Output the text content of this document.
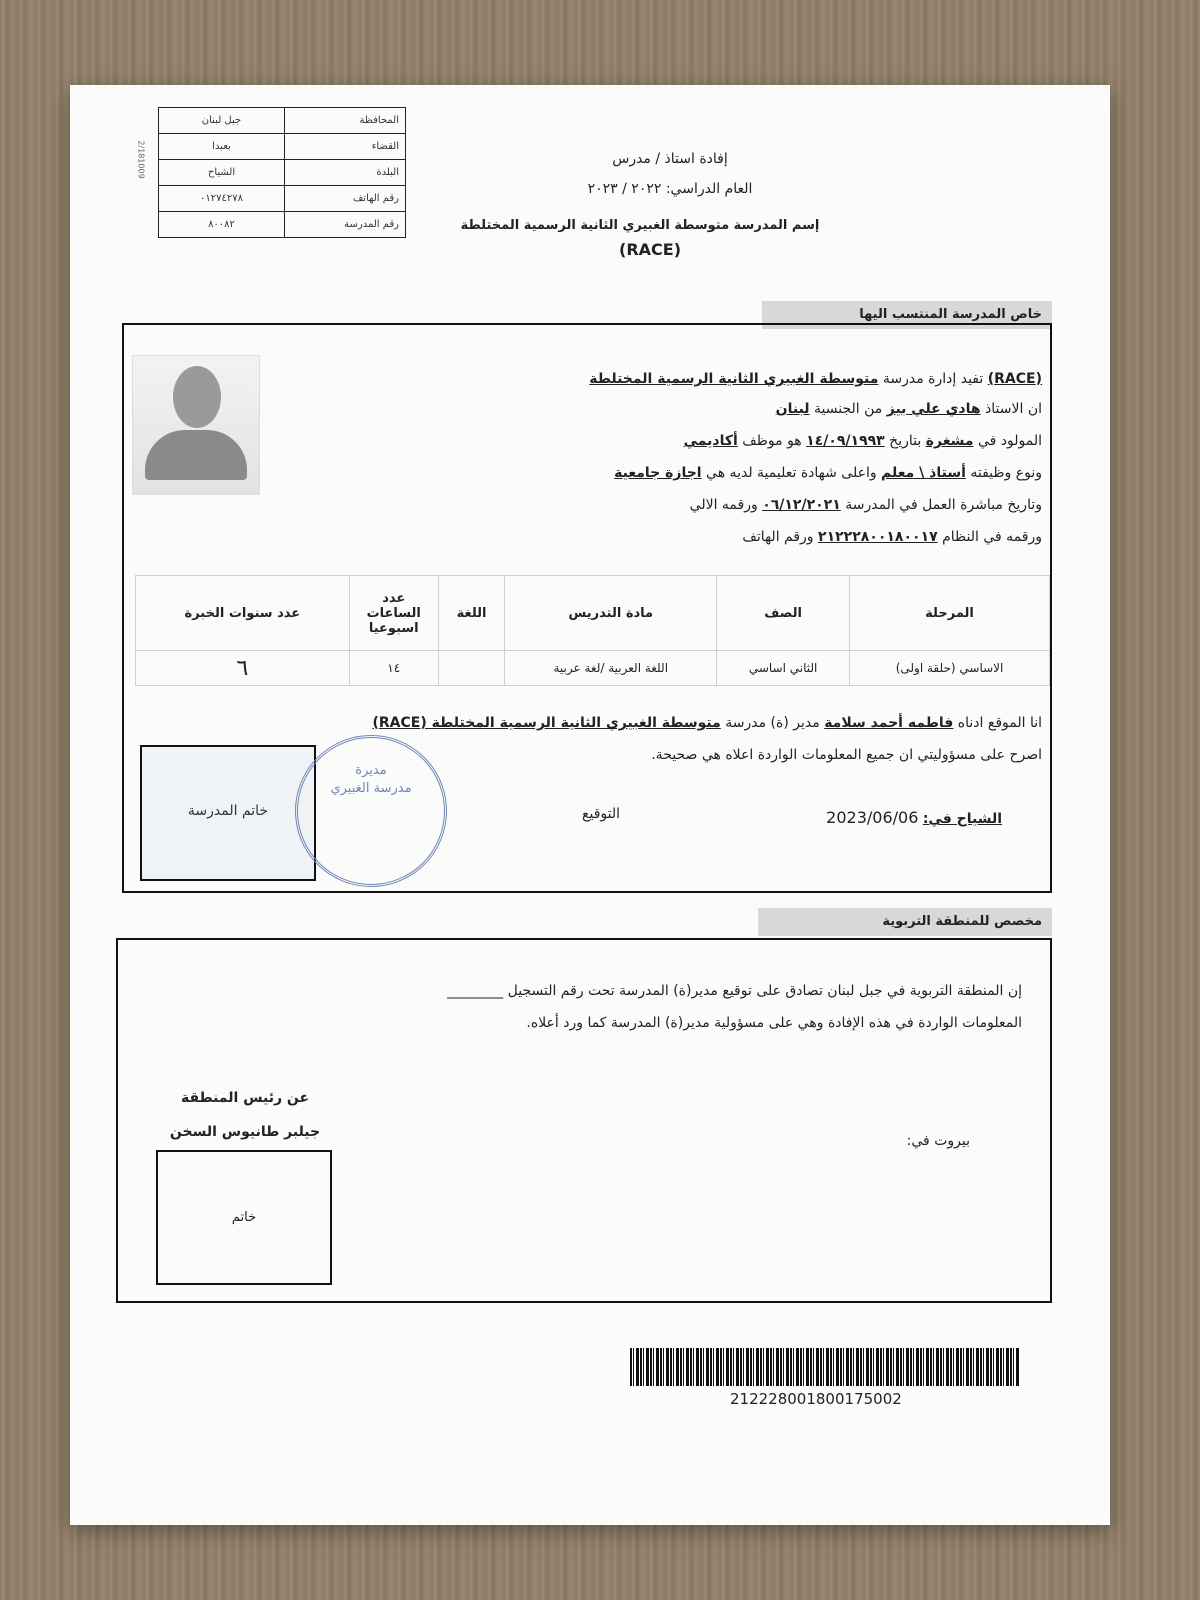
المحافظة	جبل لبنان
القضاء	بعبدا
البلدة	الشياح
رقم الهاتف	٠١٢٧٤٢٧٨
رقم المدرسة	٨٠٠٨٢
2/181009	إفادة استاذ / مدرس
العام الدراسي: ٢٠٢٢ / ٢٠٢٣
إسم المدرسة متوسطة الغبيري الثانية الرسمية المختلطة
(RACE)
خاص المدرسة المنتسب اليها
(RACE) تفيد إدارة مدرسة متوسطة الغبيري الثانية الرسمية المختلطة
ان الاستاذ هادي علي بيز من الجنسية لبنان
المولود في مشغرة بتاريخ ١٤/٠٩/١٩٩٣ هو موظف أكاديمي
ونوع وظيفته أستاذ \ معلم واعلى شهادة تعليمية لديه هي اجازة جامعية
وتاريخ مباشرة العمل في المدرسة ٠٦/١٢/٢٠٢١ ورقمه الالي
ورقمه في النظام ٢١٢٢٢٨٠٠١٨٠٠١٧ ورقم الهاتف
المرحلة	الصف	مادة التدريس	اللغة	عدد الساعات اسبوعيا	عدد سنوات الخبرة
الاساسي (حلقة اولى)	الثاني اساسي	اللغة العربية /لغة عربية		١٤	٦
انا الموقع ادناه فاطمه أحمد سلامة مدير (ة) مدرسة متوسطة الغبيري الثانية الرسمية المختلطة (RACE)
اصرح على مسؤوليتي ان جميع المعلومات الواردة اعلاه هي صحيحة.
الشياح في: 2023/06/06
التوقيع
خاتم المدرسة
مديرة
مدرسة الغبيري
مخصص للمنطقة التربوية
إن المنطقة التربوية في جبل لبنان تصادق على توقيع مدير(ة) المدرسة تحت رقم التسجيل ________
المعلومات الواردة في هذه الإفادة وهي على مسؤولية مدير(ة) المدرسة كما ورد أعلاه.
عن رئيس المنطقة
جيلبر طانيوس السخن
خاتم
بيروت في:
212228001800175002
